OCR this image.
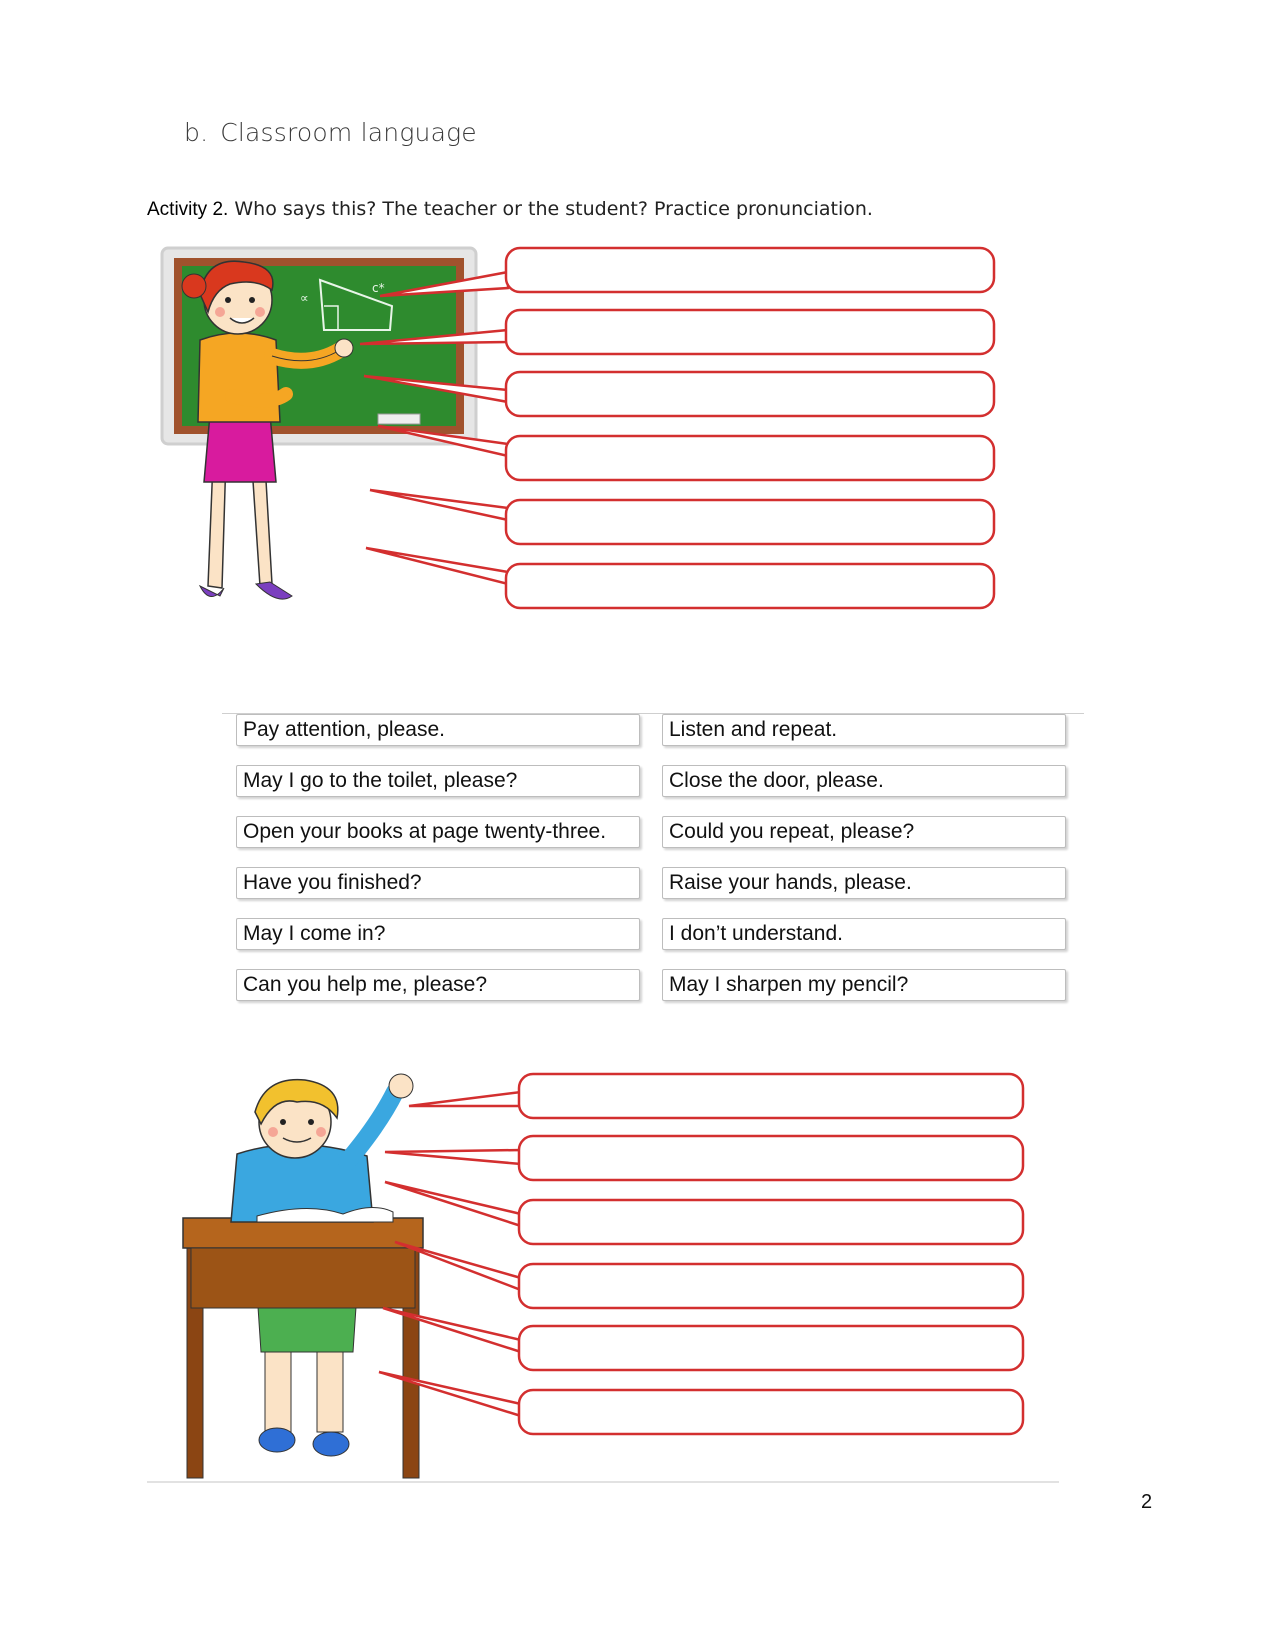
b. Classroom language
Activity 2. Who says this? The teacher or the student? Practice pronunciation.
∝
c*
Pay attention, please.
May I go to the toilet, please?
Open your books at page twenty-three.
Have you finished?
May I come in?
Can you help me, please?
Listen and repeat.
Close the door, please.
Could you repeat, please?
Raise your hands, please.
I don’t understand.
May I sharpen my pencil?
2
